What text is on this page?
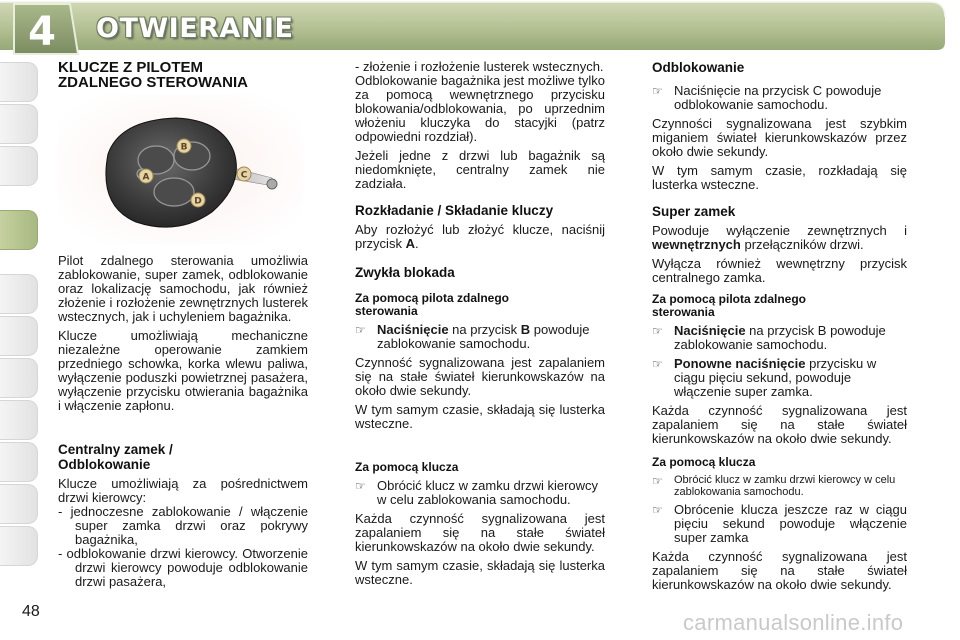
4 OTWIERANIE
KLUCZE Z PILOTEM
ZDALNEGO STEROWANIA
A
B
C
D

Pilot zdalnego sterowania umożliwia zablokowanie, super zamek, odblokowanie oraz lokalizację samochodu, jak również złożenie i rozłożenie zewnętrznych lusterek wstecznych, jak i uchyleniem bagażnika.

Klucze umożliwiają mechaniczne niezależne operowanie zamkiem przedniego schowka, korka wlewu paliwa, wyłączenie poduszki powietrznej pasażera, wyłączenie przycisku otwierania bagażnika i włączenie zapłonu.

Centralny zamek /
Odblokowanie

Klucze umożliwiają za pośrednictwem drzwi kierowcy:

- jednoczesne zablokowanie / włączenie super zamka drzwi oraz pokrywy bagażnika,

- odblokowanie drzwi kierowcy. Otworzenie drzwi kierowcy powoduje odblokowanie drzwi pasażera,

- złożenie i rozłożenie lusterek wstecznych.

Odblokowanie bagażnika jest możliwe tylko za pomocą wewnętrznego przycisku blokowania/odblokowania, po uprzednim włożeniu kluczyka do stacyjki (patrz odpowiedni rozdział).

Jeżeli jedne z drzwi lub bagażnik są niedomknięte, centralny zamek nie zadziała.

Rozkładanie / Składanie kluczy

Aby rozłożyć lub złożyć klucze, naciśnij przycisk A.

Zwykła blokada
Za pomocą pilota zdalnego
sterowania
☞ Naciśnięcie na przycisk B powoduje zablokowanie samochodu.

Czynność sygnalizowana jest zapalaniem się na stałe świateł kierunkowskazów na około dwie sekundy.

W tym samym czasie, składają się lusterka wsteczne.

Za pomocą klucza
☞ Obrócić klucz w zamku drzwi kierowcy w celu zablokowania samochodu.

Każda czynność sygnalizowana jest zapalaniem się na stałe świateł kierunkowskazów na około dwie sekundy.

W tym samym czasie, składają się lusterka wsteczne.

Odblokowanie
☞ Naciśnięcie na przycisk C powoduje odblokowanie samochodu.

Czynności sygnalizowana jest szybkim miganiem świateł kierunkowskazów przez około dwie sekundy.

W tym samym czasie, rozkładają się lusterka wsteczne.

Super zamek

Powoduje wyłączenie zewnętrznych i wewnętrznych przełączników drzwi.

Wyłącza również wewnętrzny przycisk centralnego zamka.

Za pomocą pilota zdalnego
sterowania
☞ Naciśnięcie na przycisk B powoduje zablokowanie samochodu.
☞ Ponowne naciśnięcie przycisku w ciągu pięciu sekund, powoduje włączenie super zamka.

Każda czynność sygnalizowana jest zapalaniem się na stałe świateł kierunkowskazów na około dwie sekundy.

Za pomocą klucza
☞	Obrócić klucz w zamku drzwi kierowcy w celu zablokowania samochodu.
☞ Obrócenie klucza jeszcze raz w ciągu pięciu sekund powoduje włączenie super zamka

Każda czynność sygnalizowana jest zapalaniem się na stałe świateł kierunkowskazów na około dwie sekundy.

48	carmanualsonline.info
